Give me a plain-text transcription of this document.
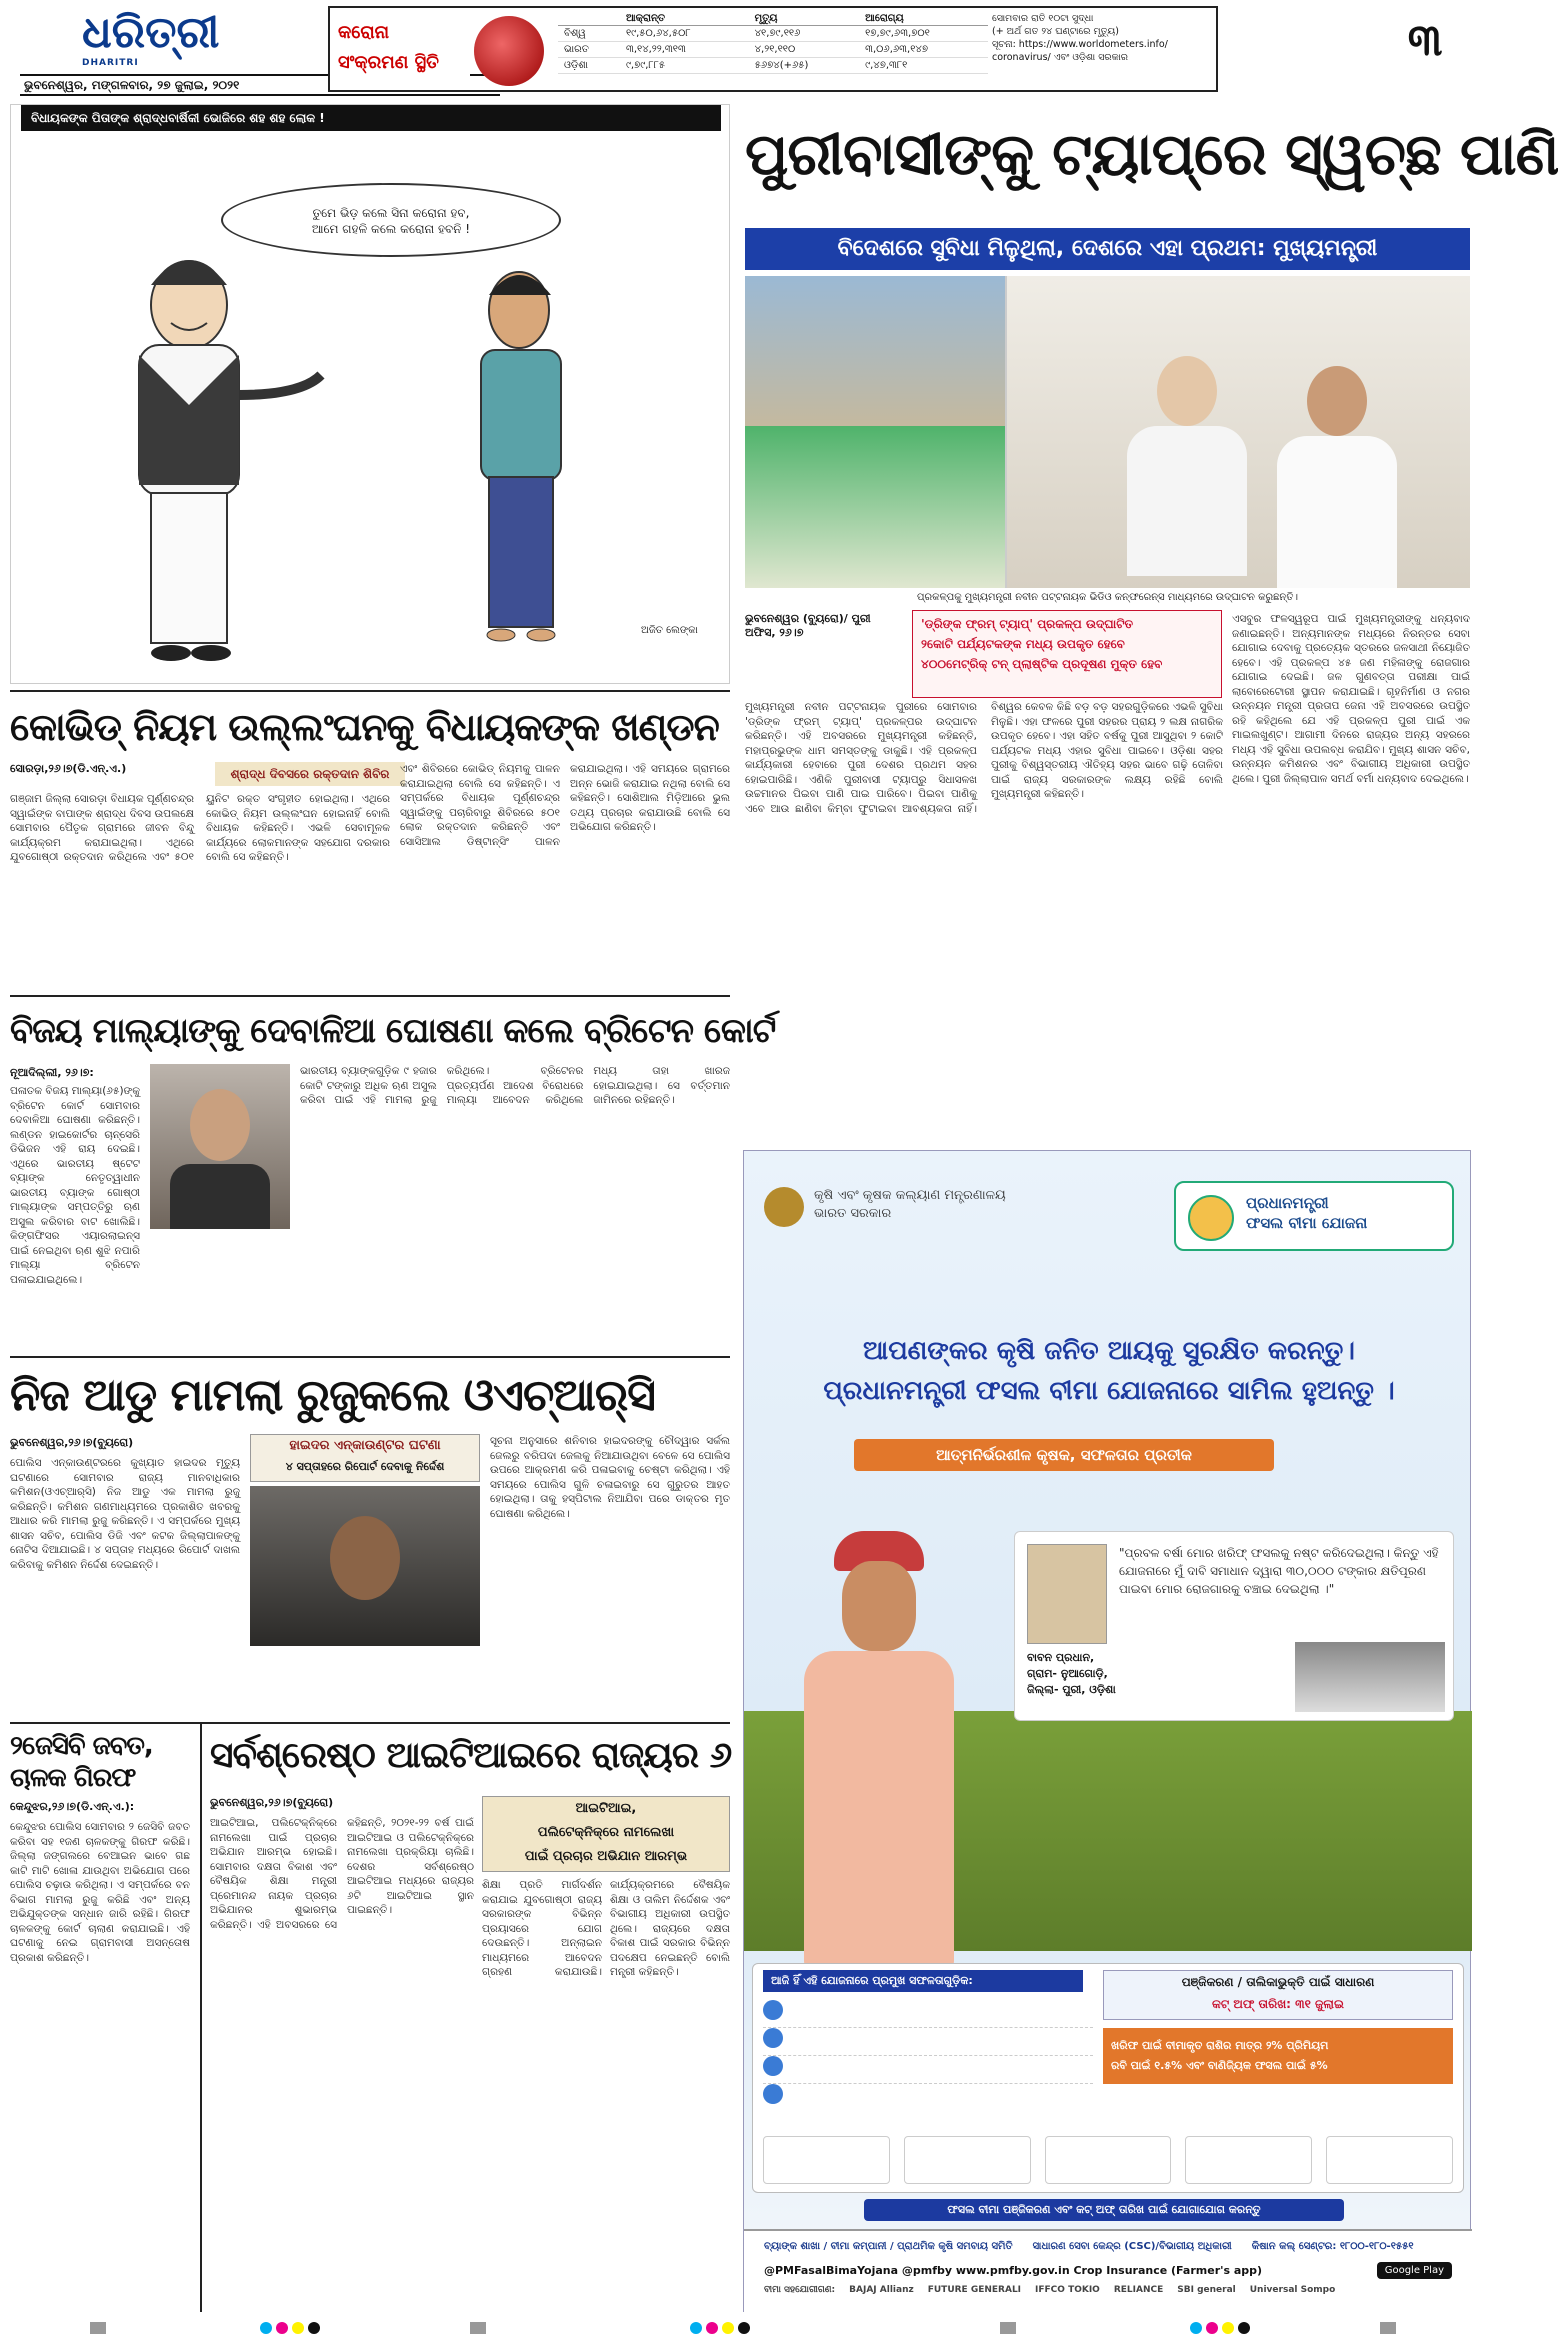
ଧରିତ୍ରୀ
DHARITRI
ଭୁବନେଶ୍ୱର, ମଙ୍ଗଳବାର, ୨୭ ଜୁଲାଇ, ୨୦୨୧
କରୋନା
ସଂକ୍ରମଣ ସ୍ଥିତି
	ଆକ୍ରାନ୍ତ	ମୃତ୍ୟୁ	ଆରୋଗ୍ୟ
ବିଶ୍ୱ	୧୯,୫୦,୬୪,୫୦୮	୪୧,୭୯,୧୧୬	୧୭,୭୯,୬୩,୭୦୧
ଭାରତ	୩,୧୪,୨୨,୩୧୩	୪,୨୧,୧୧୦	୩,୦୬,୬୩,୧୪୭
ଓଡ଼ିଶା	୯,୭୯,୮୮୫	୫୬୭୪(+୬୫)	୯,୪୭,୩୮୧
ସୋମବାର ରାତି ୧୦ଟା ସୁଦ୍ଧା
(+ ଅର୍ଥ ଗତ ୨୪ ଘଣ୍ଟାରେ ମୃତ୍ୟୁ)
ସୂଚନା: https://www.worldometers.info/
coronavirus/ ଏବଂ ଓଡ଼ିଶା ସରକାର	୩
ବିଧାୟକଙ୍କ ପିତାଙ୍କ ଶ୍ରାଦ୍ଧବାର୍ଷିକୀ ଭୋଜିରେ ଶହ ଶହ ଲୋକ !
ତୁମେ ଭିଡ଼ କଲେ ସିନା କରୋନା ହବ,
ଆମେ ଗହଳି କଲେ କରୋନା ହବନି !
ଅଜିତ ଲେଙ୍କା
ପୁରୀବାସୀଙ୍କୁ ଟ୍ୟାପ୍‌ରେ ସ୍ୱଚ୍ଛ ପାଣି
ବିଦେଶରେ ସୁବିଧା ମିଳୁଥିଲା, ଦେଶରେ ଏହା ପ୍ରଥମ: ମୁଖ୍ୟମନ୍ତ୍ରୀ
ପ୍ରକଳ୍ପକୁ ମୁଖ୍ୟମନ୍ତ୍ରୀ ନବୀନ ପଟ୍ଟନାୟକ ଭିଡିଓ କନ୍‌ଫରେନ୍ସ ମାଧ୍ୟମରେ ଉଦ୍‌ଘାଟନ କରୁଛନ୍ତି।
ଭୁବନେଶ୍ୱର (ବ୍ୟୁରୋ)/ ପୁରୀ ଅଫିସ, ୨୬।୭
'ଡ୍ରିଙ୍କ ଫ୍ରମ୍ ଟ୍ୟାପ୍' ପ୍ରକଳ୍ପ ଉଦ୍‌ଘାଟିତ
୨କୋଟି ପର୍ଯ୍ୟଟକଙ୍କ ମଧ୍ୟ ଉପକୃତ ହେବେ
୪୦୦ମେଟ୍ରିକ୍ ଟନ୍ ପ୍ଲାଷ୍ଟିକ ପ୍ରଦୂଷଣ ମୁକ୍ତ ହେବ
ମୁଖ୍ୟମନ୍ତ୍ରୀ ନବୀନ ପଟ୍ଟନାୟକ ପୁରୀରେ ସୋମବାର 'ଡ୍ରିଙ୍କ ଫ୍ରମ୍ ଟ୍ୟାପ୍' ପ୍ରକଳ୍ପର ଉଦ୍‌ଘାଟନ କରିଛନ୍ତି। ଏହି ଅବସରରେ ମୁଖ୍ୟମନ୍ତ୍ରୀ କହିଛନ୍ତି, ମହାପ୍ରଭୁଙ୍କ ଧାମ ସମସ୍ତଙ୍କୁ ଡାକୁଛି। ଏହି ପ୍ରକଳ୍ପ କାର୍ଯ୍ୟକାରୀ ହେବାରେ ପୁରୀ ଦେଶର ପ୍ରଥମ ସହର ହୋଇପାରିଛି। ଏଣିକି ପୁରୀବାସୀ ଟ୍ୟାପ୍‌ରୁ ସିଧାସଳଖ ଉଚ୍ଚମାନର ପିଇବା ପାଣି ପାଇ ପାରିବେ। ପିଇବା ପାଣିକୁ ଏବେ ଆଉ ଛାଣିବା କିମ୍ବା ଫୁଟାଇବା ଆବଶ୍ୟକତା ନାହିଁ। ବିଶ୍ୱର କେବଳ କିଛି ବଡ଼ ବଡ଼ ସହରଗୁଡ଼ିକରେ ଏଭଳି ସୁବିଧା ମିଳୁଛି। ଏହା ଫଳରେ ପୁରୀ ସହରର ପ୍ରାୟ ୨ ଲକ୍ଷ ନାଗରିକ ଉପକୃତ ହେବେ। ଏହା ସହିତ ବର୍ଷକୁ ପୁରୀ ଆସୁଥିବା ୨ କୋଟି ପର୍ଯ୍ୟଟକ ମଧ୍ୟ ଏହାର ସୁବିଧା ପାଇବେ। ଓଡ଼ିଶା ସହର ପୁରୀକୁ ବିଶ୍ୱସ୍ତରୀୟ ଐତିହ୍ୟ ସହର ଭାବେ ଗଢ଼ି ତୋଳିବା ପାଇଁ ରାଜ୍ୟ ସରକାରଙ୍କ ଲକ୍ଷ୍ୟ ରହିଛି ବୋଲି ମୁଖ୍ୟମନ୍ତ୍ରୀ କହିଛନ୍ତି।
ଏସବୁର ଫଳସ୍ୱରୂପ ପାଇଁ ମୁଖ୍ୟମନ୍ତ୍ରୀଙ୍କୁ ଧନ୍ୟବାଦ ଜଣାଇଛନ୍ତି। ଅନ୍ୟମାନଙ୍କ ମଧ୍ୟରେ ନିରନ୍ତର ସେବା ଯୋଗାଇ ଦେବାକୁ ପ୍ରତ୍ୟେକ ସ୍ତରରେ ଜଳସାଥୀ ନିୟୋଜିତ ହେବେ। ଏହି ପ୍ରକଳ୍ପ ୪୫ ଜଣ ମହିଳାଙ୍କୁ ରୋଜଗାର ଯୋଗାଇ ଦେଇଛି। ଜଳ ଗୁଣବତ୍ତା ପରୀକ୍ଷା ପାଇଁ ଲାବୋରେଟୋରୀ ସ୍ଥାପନ କରାଯାଇଛି। ଗୃହନିର୍ମାଣ ଓ ନଗର ଉନ୍ନୟନ ମନ୍ତ୍ରୀ ପ୍ରତାପ ଜେନା ଏହି ଅବସରରେ ଉପସ୍ଥିତ ରହି କହିଥିଲେ ଯେ ଏହି ପ୍ରକଳ୍ପ ପୁରୀ ପାଇଁ ଏକ ମାଇଲଖୁଣ୍ଟ। ଆଗାମୀ ଦିନରେ ରାଜ୍ୟର ଅନ୍ୟ ସହରରେ ମଧ୍ୟ ଏହି ସୁବିଧା ଉପଲବ୍ଧ କରାଯିବ। ମୁଖ୍ୟ ଶାସନ ସଚିବ, ଉନ୍ନୟନ କମିଶନର ଏବଂ ବିଭାଗୀୟ ଅଧିକାରୀ ଉପସ୍ଥିତ ଥିଲେ। ପୁରୀ ଜିଲ୍ଲାପାଳ ସମର୍ଥ ବର୍ମା ଧନ୍ୟବାଦ ଦେଇଥିଲେ।
କୋଭିଡ୍ ନିୟମ ଉଲ୍ଲଂଘନକୁ ବିଧାୟକଙ୍କ ଖଣ୍ଡନ
ସୋରଡ଼ା,୨୬।୭(ଡି.ଏନ୍.ଏ.)	ଶ୍ରାଦ୍ଧ ଦିବସରେ ରକ୍ତଦାନ ଶିବିର
ଗଞ୍ଜାମ ଜିଲ୍ଲା ସୋରଡ଼ା ବିଧାୟକ ପୂର୍ଣ୍ଣଚନ୍ଦ୍ର ସ୍ୱାଇଁଙ୍କ ବାପାଙ୍କ ଶ୍ରାଦ୍ଧ ଦିବସ ଉପଲକ୍ଷେ ସୋମବାର ପୈତୃକ ଗ୍ରାମରେ ଜୀବନ ବିନ୍ଦୁ କାର୍ଯ୍ୟକ୍ରମ କରାଯାଇଥିଲା। ଏଥିରେ ଯୁବଗୋଷ୍ଠୀ ରକ୍ତଦାନ କରିଥିଲେ ଏବଂ ୫୦୧ ୟୁନିଟ ରକ୍ତ ସଂଗୃହୀତ ହୋଇଥିଲା। ଏଥିରେ କୋଭିଡ୍ ନିୟମ ଉଲ୍ଲଂଘନ ହୋଇନାହିଁ ବୋଲି ବିଧାୟକ କହିଛନ୍ତି। ଏଭଳି ସେବାମୂଳକ କାର୍ଯ୍ୟରେ ଲୋକମାନଙ୍କ ସହଯୋଗ ଦରକାର ବୋଲି ସେ କହିଛନ୍ତି।
ଏବଂ ଶିବିରରେ କୋଭିଡ୍ ନିୟମକୁ ପାଳନ କରାଯାଇଥିଲା ବୋଲି ସେ କହିଛନ୍ତି। ଏ ସମ୍ପର୍କରେ ବିଧାୟକ ପୂର୍ଣ୍ଣଚନ୍ଦ୍ର ସ୍ୱାଇଁଙ୍କୁ ପଚାରିବାରୁ ଶିବିରରେ ୫୦୧ ଲୋକ ରକ୍ତଦାନ କରିଛନ୍ତି ଏବଂ ସୋସିଆଲ ଡିଷ୍ଟାନ୍ସିଂ ପାଳନ କରାଯାଇଥିଲା। ଏହି ସମୟରେ ଗ୍ରାମରେ ଅନ୍ନ ଭୋଜି କରାଯାଇ ନଥିଲା ବୋଲି ସେ କହିଛନ୍ତି। ସୋଶିଆଲ ମିଡ଼ିଆରେ ଭୁଲ ତଥ୍ୟ ପ୍ରଚାର କରାଯାଉଛି ବୋଲି ସେ ଅଭିଯୋଗ କରିଛନ୍ତି।
ବିଜୟ ମାଲ୍ୟାଙ୍କୁ ଦେବାଳିଆ ଘୋଷଣା କଲେ ବ୍ରିଟେନ କୋର୍ଟ
ନୂଆଦିଲ୍ଲୀ, ୨୬।୭:
ପଳାତକ ବିଜୟ ମାଲ୍ୟା(୬୫)ଙ୍କୁ ବ୍ରିଟେନ କୋର୍ଟ ସୋମବାର ଦେବାଳିଆ ଘୋଷଣା କରିଛନ୍ତି। ଲଣ୍ଡନ ହାଇକୋର୍ଟର ଚାନ୍ସେରି ଡିଭିଜନ ଏହି ରାୟ ଦେଇଛି। ଏଥିରେ ଭାରତୀୟ ଷ୍ଟେଟ ବ୍ୟାଙ୍କ ନେତୃତ୍ୱାଧୀନ ଭାରତୀୟ ବ୍ୟାଙ୍କ ଗୋଷ୍ଠୀ ମାଲ୍ୟାଙ୍କ ସମ୍ପତ୍ତିରୁ ଋଣ ଅସୁଲ କରିବାର ବାଟ ଖୋଲିଛି। କିଙ୍ଗଫିସର ଏୟାରଲାଇନ୍ସ ପାଇଁ ନେଇଥିବା ଋଣ ଶୁଝି ନପାରି ମାଲ୍ୟା ବ୍ରିଟେନ ପଳାଇଯାଇଥିଲେ।
ଭାରତୀୟ ବ୍ୟାଙ୍କଗୁଡ଼ିକ ୯ ହଜାର କୋଟି ଟଙ୍କାରୁ ଅଧିକ ଋଣ ଅସୁଲ କରିବା ପାଇଁ ଏହି ମାମଲା ରୁଜୁ କରିଥିଲେ। ବ୍ରିଟେନର ପ୍ରତ୍ୟର୍ପଣ ଆଦେଶ ବିରୋଧରେ ମାଲ୍ୟା ଆବେଦନ କରିଥିଲେ ମଧ୍ୟ ତାହା ଖାରଜ ହୋଇଯାଇଥିଲା। ସେ ବର୍ତ୍ତମାନ ଜାମିନରେ ରହିଛନ୍ତି।
ନିଜ ଆଡୁ ମାମଲା ରୁଜୁକଲେ ଓଏଚ୍‌ଆର୍‌ସି
ଭୁବନେଶ୍ୱର,୨୬।୭(ବ୍ୟୁରୋ)	ହାଇଦର ଏନ୍‌କାଉଣ୍ଟର ଘଟଣା
୪ ସପ୍ତାହରେ ରିପୋର୍ଟ ଦେବାକୁ ନିର୍ଦ୍ଦେଶ
ପୋଲିସ ଏନ୍‌କାଉଣ୍ଟରରେ କୁଖ୍ୟାତ ହାଇଦର ମୃତ୍ୟୁ ଘଟଣାରେ ସୋମବାର ରାଜ୍ୟ ମାନବାଧିକାର କମିଶନ(ଓଏଚ୍‌ଆର୍‌ସି) ନିଜ ଆଡୁ ଏକ ମାମଲା ରୁଜୁ କରିଛନ୍ତି। କମିଶନ ଗଣମାଧ୍ୟମରେ ପ୍ରକାଶିତ ଖବରକୁ ଆଧାର କରି ମାମଲା ରୁଜୁ କରିଛନ୍ତି। ଏ ସମ୍ପର୍କରେ ମୁଖ୍ୟ ଶାସନ ସଚିବ, ପୋଲିସ ଡିଜି ଏବଂ କଟକ ଜିଲ୍ଲାପାଳଙ୍କୁ ନୋଟିସ ଦିଆଯାଇଛି। ୪ ସପ୍ତାହ ମଧ୍ୟରେ ରିପୋର୍ଟ ଦାଖଲ କରିବାକୁ କମିଶନ ନିର୍ଦ୍ଦେଶ ଦେଇଛନ୍ତି।
ସୂଚନା ଅନୁସାରେ ଶନିବାର ହାଇଦରଙ୍କୁ ଚୌଦ୍ୱାର ସର୍କଲ ଜେଲରୁ ବରିପଦା ଜେଲକୁ ନିଆଯାଉଥିବା ବେଳେ ସେ ପୋଲିସ ଉପରେ ଆକ୍ରମଣ କରି ପଳାଇବାକୁ ଚେଷ୍ଟା କରିଥିଲା। ଏହି ସମୟରେ ପୋଲିସ ଗୁଳି ଚଳାଇବାରୁ ସେ ଗୁରୁତର ଆହତ ହୋଇଥିଲା। ତାକୁ ହସ୍ପିଟାଲ ନିଆଯିବା ପରେ ଡାକ୍ତର ମୃତ ଘୋଷଣା କରିଥିଲେ।
୨ଜେସିବି ଜବତ,
ଚାଳକ ଗିରଫ
କେନ୍ଦୁଝର,୨୬।୭(ଡି.ଏନ୍.ଏ.):
କେନ୍ଦୁଝର ପୋଲିସ ସୋମବାର ୨ ଜେସିବି ଜବତ କରିବା ସହ ୧ଜଣ ଚାଳକଙ୍କୁ ଗିରଫ କରିଛି। ଜିଲ୍ଲା ଜଙ୍ଗଲରେ ବେଆଇନ ଭାବେ ଗଛ କାଟି ମାଟି ଖୋଳା ଯାଉଥିବା ଅଭିଯୋଗ ପରେ ପୋଲିସ ଚଢ଼ାଉ କରିଥିଲା। ଏ ସମ୍ପର୍କରେ ବନ ବିଭାଗ ମାମଲା ରୁଜୁ କରିଛି ଏବଂ ଅନ୍ୟ ଅଭିଯୁକ୍ତଙ୍କ ସନ୍ଧାନ ଜାରି ରହିଛି। ଗିରଫ ଚାଳକଙ୍କୁ କୋର୍ଟ ଚାଲାଣ କରାଯାଇଛି। ଏହି ଘଟଣାକୁ ନେଇ ଗ୍ରାମବାସୀ ଅସନ୍ତୋଷ ପ୍ରକାଶ କରିଛନ୍ତି।
ସର୍ବଶ୍ରେଷ୍ଠ ଆଇଟିଆଇରେ ରାଜ୍ୟର ୬
ଭୁବନେଶ୍ୱର,୨୬।୭(ବ୍ୟୁରୋ)	ଆଇଟିଆଇ,
ପଲିଟେକ୍‌ନିକ୍‌ରେ ନାମଲେଖା
ପାଇଁ ପ୍ରଚାର ଅଭିଯାନ ଆରମ୍ଭ
ଆଇଟିଆଇ, ପଲିଟେକ୍‌ନିକ୍‌ରେ ନାମଲେଖା ପାଇଁ ପ୍ରଚାର ଅଭିଯାନ ଆରମ୍ଭ ହୋଇଛି। ସୋମବାର ଦକ୍ଷତା ବିକାଶ ଏବଂ ବୈଷୟିକ ଶିକ୍ଷା ମନ୍ତ୍ରୀ ପ୍ରେମାନନ୍ଦ ନାୟକ ପ୍ରଚାର ଅଭିଯାନର ଶୁଭାରମ୍ଭ କରିଛନ୍ତି। ଏହି ଅବସରରେ ସେ କହିଛନ୍ତି, ୨୦୨୧-୨୨ ବର୍ଷ ପାଇଁ ଆଇଟିଆଇ ଓ ପଲିଟେକ୍‌ନିକ୍‌ରେ ନାମଲେଖା ପ୍ରକ୍ରିୟା ଚାଲିଛି। ଦେଶର ସର୍ବଶ୍ରେଷ୍ଠ ଆଇଟିଆଇ ମଧ୍ୟରେ ରାଜ୍ୟର ୬ଟି ଆଇଟିଆଇ ସ୍ଥାନ ପାଇଛନ୍ତି।
ଶିକ୍ଷା ପ୍ରତି ମାର୍ଗଦର୍ଶନ କରାଯାଇ ଯୁବଗୋଷ୍ଠୀ ରାଜ୍ୟ ସରକାରଙ୍କ ବିଭିନ୍ନ ପ୍ରୟାସରେ ଯୋଗ ଦେଉଛନ୍ତି। ଅନ୍ଲାଇନ ମାଧ୍ୟମରେ ଆବେଦନ ଗ୍ରହଣ କରାଯାଉଛି। କାର୍ଯ୍ୟକ୍ରମରେ ବୈଷୟିକ ଶିକ୍ଷା ଓ ତାଲିମ ନିର୍ଦ୍ଦେଶକ ଏବଂ ବିଭାଗୀୟ ଅଧିକାରୀ ଉପସ୍ଥିତ ଥିଲେ। ରାଜ୍ୟରେ ଦକ୍ଷତା ବିକାଶ ପାଇଁ ସରକାର ବିଭିନ୍ନ ପଦକ୍ଷେପ ନେଇଛନ୍ତି ବୋଲି ମନ୍ତ୍ରୀ କହିଛନ୍ତି।
କୃଷି ଏବଂ କୃଷକ କଲ୍ୟାଣ ମନ୍ତ୍ରଣାଳୟ
ଭାରତ ସରକାର
ପ୍ରଧାନମନ୍ତ୍ରୀ
ଫସଲ ବୀମା ଯୋଜନା
ଆପଣଙ୍କର କୃଷି ଜନିତ ଆୟକୁ ସୁରକ୍ଷିତ କରନ୍ତୁ।
ପ୍ରଧାନମନ୍ତ୍ରୀ ଫସଲ ବୀମା ଯୋଜନାରେ ସାମିଲ ହୁଅନ୍ତୁ ।
ଆତ୍ମନିର୍ଭରଶୀଳ କୃଷକ, ସଫଳତାର ପ୍ରତୀକ
"ପ୍ରବଳ ବର୍ଷା ମୋର ଖରିଫ୍ ଫସଲକୁ ନଷ୍ଟ କରିଦେଇଥିଲା। କିନ୍ତୁ ଏହି ଯୋଜନାରେ ମୁଁ ଦାବି ସମାଧାନ ଦ୍ୱାରା ୩୦,୦୦୦ ଟଙ୍କାର କ୍ଷତିପୂରଣ ପାଇବା ମୋର ରୋଜଗାରକୁ ବଞ୍ଚାଇ ଦେଇଥିଲା ।"
ବାବନ ପ୍ରଧାନ,
ଗ୍ରାମ- ନୁଆଗୋଡ଼ି,
ଜିଲ୍ଲା- ପୁରୀ, ଓଡ଼ିଶା
ଆଜି ହିଁ ଏହି ଯୋଜନାରେ ପ୍ରମୁଖ ସଫଳତାଗୁଡ଼ିକ:	ପଞ୍ଜିକରଣ / ତାଲିକାଭୁକ୍ତି ପାଇଁ ସାଧାରଣ
କଟ୍ ଅଫ୍ ତାରିଖ: ୩୧ ଜୁଲାଇ
ଖରିଫ ପାଇଁ ବୀମାକୃତ ରାଶିର ମାତ୍ର ୨% ପ୍ରିମିୟମ
ରବି ପାଇଁ ୧.୫% ଏବଂ ବାଣିଜ୍ୟିକ ଫସଲ ପାଇଁ ୫%
ଫସଲ ବୀମା ପଞ୍ଜିକରଣ ଏବଂ କଟ୍ ଅଫ୍ ତାରିଖ ପାଇଁ ଯୋଗାଯୋଗ କରନ୍ତୁ
ବ୍ୟାଙ୍କ ଶାଖା / ବୀମା କମ୍ପାନୀ / ପ୍ରାଥମିକ କୃଷି ସମବାୟ ସମିତି ସାଧାରଣ ସେବା କେନ୍ଦ୍ର (CSC)/ବିଭାଗୀୟ ଅଧିକାରୀ କିଷାନ କଲ୍ ସେଣ୍ଟର: ୧୮୦୦-୧୮୦-୧୫୫୧
@PMFasalBimaYojana @pmfby www.pmfby.gov.in Crop Insurance (Farmer's app)	Google Play
ବୀମା ସହଯୋଗୀଗଣ: BAJAJ Allianz FUTURE GENERALI IFFCO TOKIO RELIANCE SBI general Universal Sompo
